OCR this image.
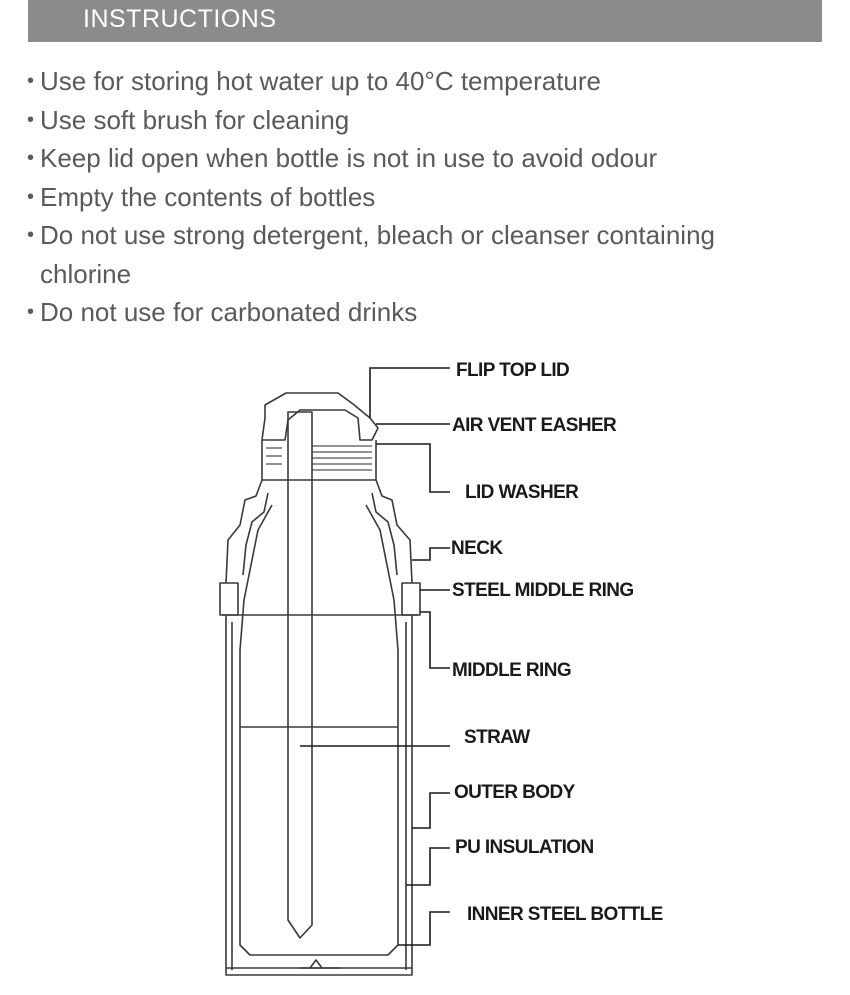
INSTRUCTIONS
• Use for storing hot water up to 40°C temperature
• Use soft brush for cleaning
• Keep lid open when bottle is not in use to avoid odour
• Empty the contents of bottles
• Do not use strong detergent, bleach or cleanser containing chlorine
• Do not use for carbonated drinks
FLIP TOP LID
AIR VENT EASHER
LID WASHER
NECK
STEEL MIDDLE RING
MIDDLE RING
STRAW
OUTER BODY
PU INSULATION
INNER STEEL BOTTLE
